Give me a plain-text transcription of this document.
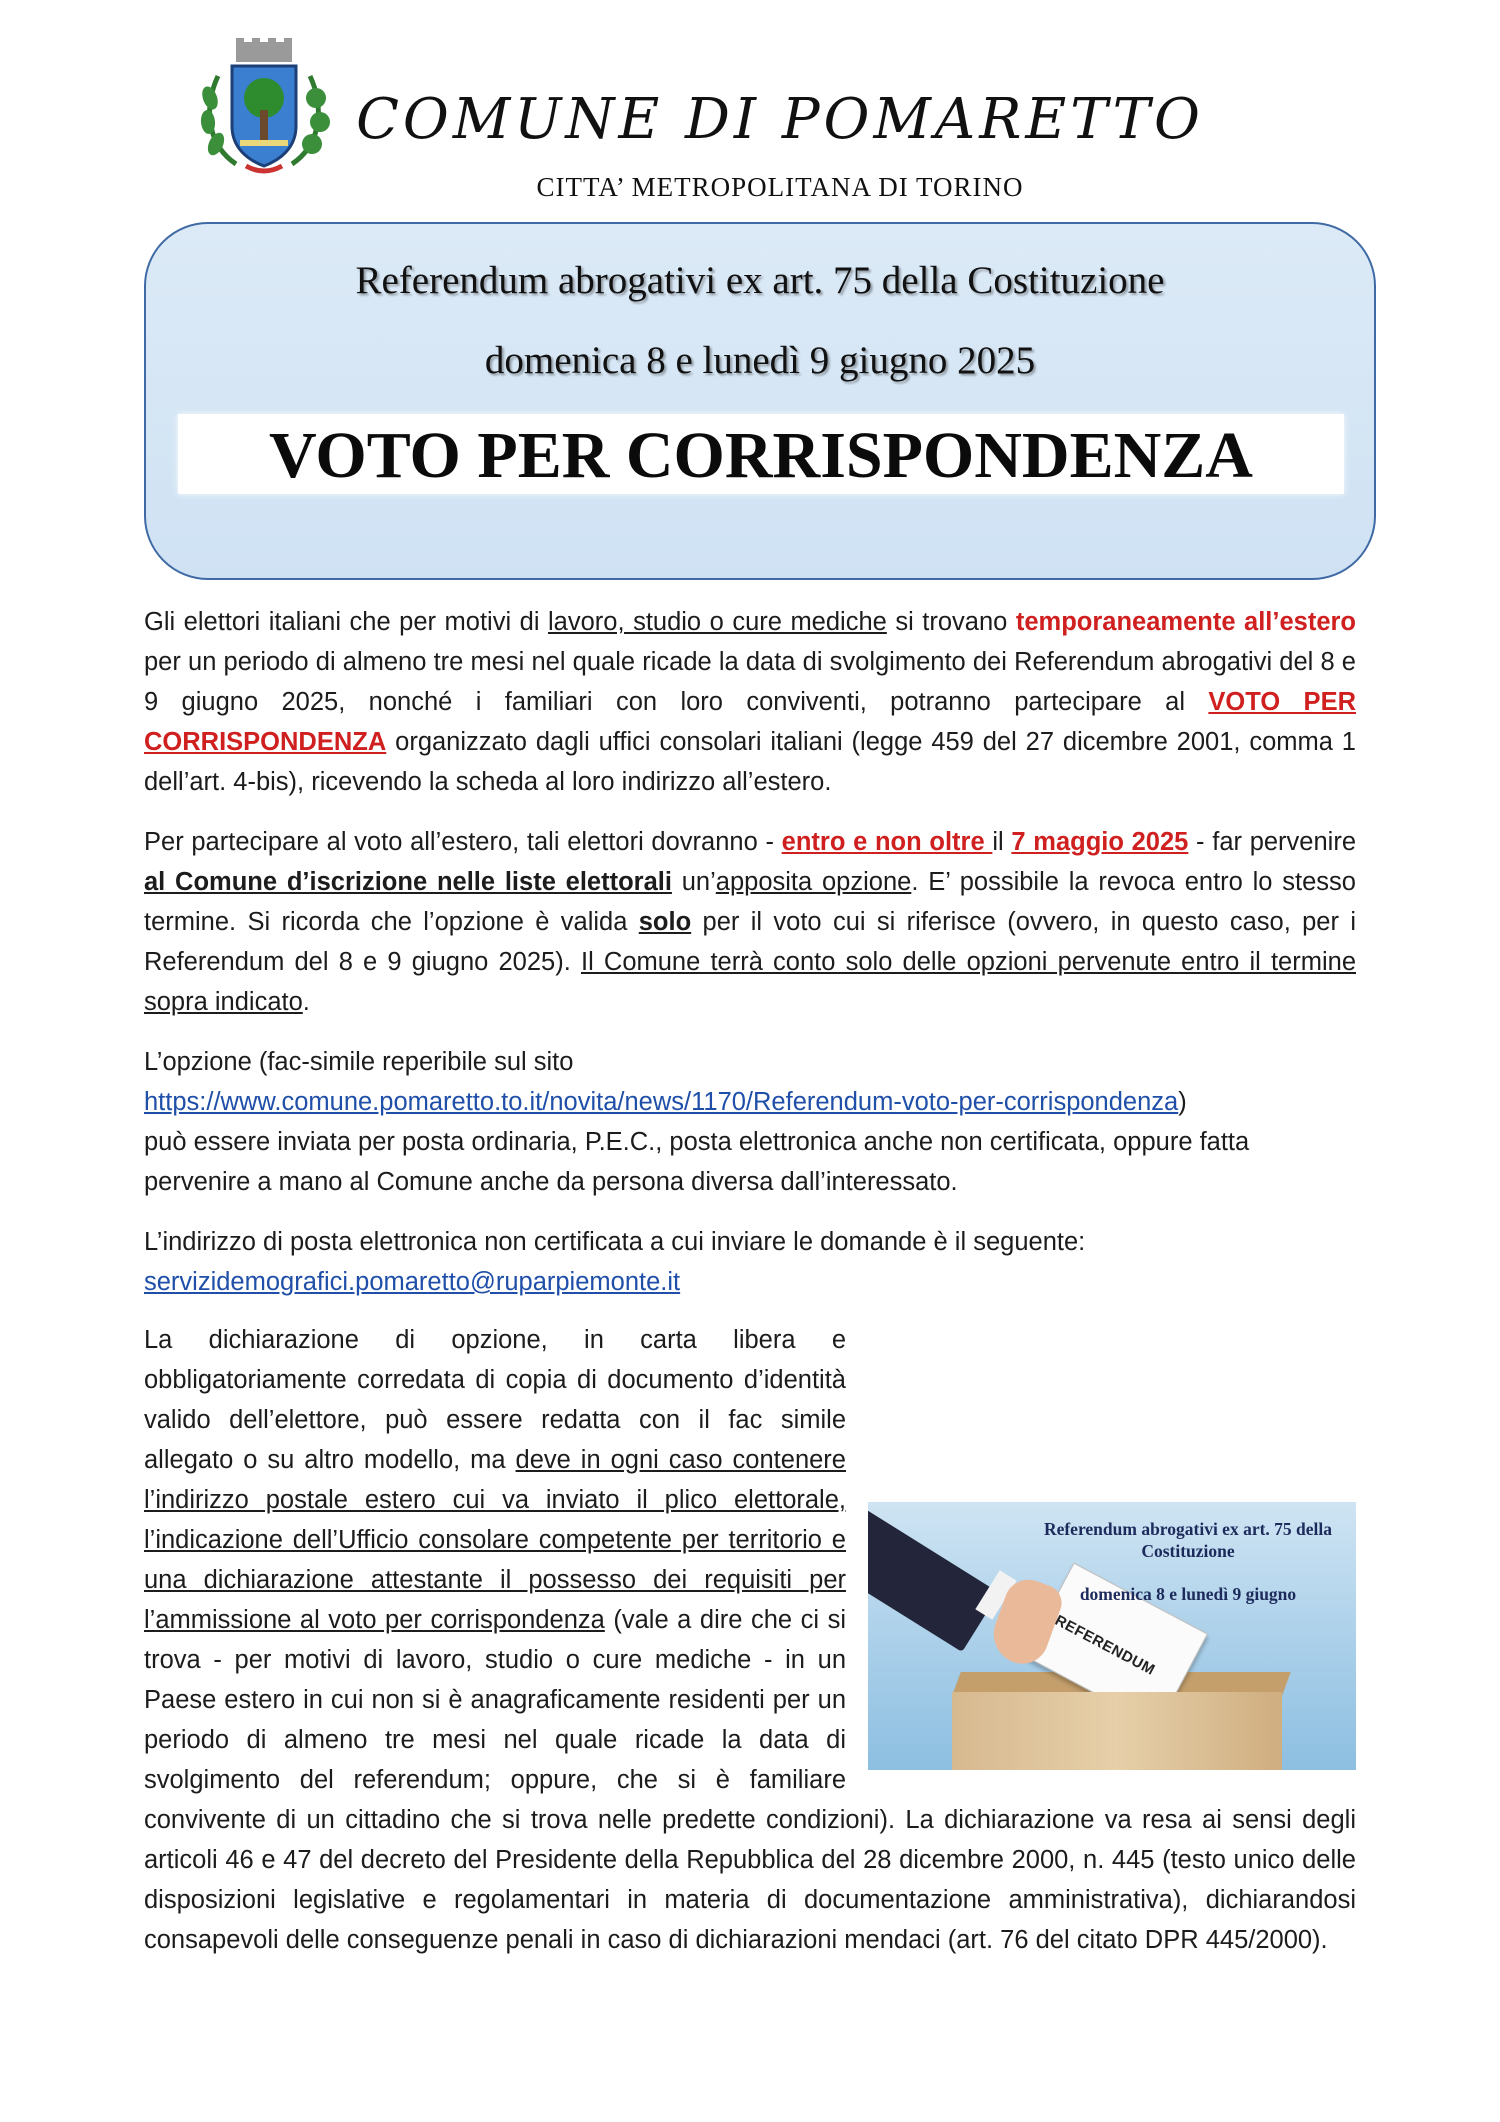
COMUNE DI POMARETTO
CITTA’ METROPOLITANA DI TORINO
Referendum abrogativi ex art. 75 della Costituzione
domenica 8 e lunedì 9 giugno 2025
VOTO PER CORRISPONDENZA
Gli elettori italiani che per motivi di lavoro, studio o cure mediche si trovano temporaneamente all’estero per un periodo di almeno tre mesi nel quale ricade la data di svolgimento dei Referendum abrogativi del 8 e 9 giugno 2025, nonché i familiari con loro conviventi, potranno partecipare al VOTO PER CORRISPONDENZA organizzato dagli uffici consolari italiani (legge 459 del 27 dicembre 2001, comma 1 dell’art. 4-bis), ricevendo la scheda al loro indirizzo all’estero.
Per partecipare al voto all’estero, tali elettori dovranno - entro e non oltre il 7 maggio 2025 - far pervenire al Comune d’iscrizione nelle liste elettorali un’apposita opzione. E’ possibile la revoca entro lo stesso termine. Si ricorda che l’opzione è valida solo per il voto cui si riferisce (ovvero, in questo caso, per i Referendum del 8 e 9 giugno 2025). Il Comune terrà conto solo delle opzioni pervenute entro il termine sopra indicato.
L’opzione (fac-simile reperibile sul sito
https://www.comune.pomaretto.to.it/novita/news/1170/Referendum-voto-per-corrispondenza)
può essere inviata per posta ordinaria, P.E.C., posta elettronica anche non certificata, oppure fatta pervenire a mano al Comune anche da persona diversa dall’interessato.
L’indirizzo di posta elettronica non certificata a cui inviare le domande è il seguente:
servizidemografici.pomaretto@ruparpiemonte.it
REFERENDUM
Referendum abrogativi ex art. 75 della Costituzione
domenica 8 e lunedì 9 giugno
La dichiarazione di opzione, in carta libera e obbligatoriamente corredata di copia di documento d’identità valido dell’elettore, può essere redatta con il fac simile allegato o su altro modello, ma deve in ogni caso contenere l’indirizzo postale estero cui va inviato il plico elettorale, l’indicazione dell’Ufficio consolare competente per territorio e una dichiarazione attestante il possesso dei requisiti per l’ammissione al voto per corrispondenza (vale a dire che ci si trova - per motivi di lavoro, studio o cure mediche - in un Paese estero in cui non si è anagraficamente residenti per un periodo di almeno tre mesi nel quale ricade la data di svolgimento del referendum; oppure, che si è familiare convivente di un cittadino che si trova nelle predette condizioni). La dichiarazione va resa ai sensi degli articoli 46 e 47 del decreto del Presidente della Repubblica del 28 dicembre 2000, n. 445 (testo unico delle disposizioni legislative e regolamentari in materia di documentazione amministrativa), dichiarandosi consapevoli delle conseguenze penali in caso di dichiarazioni mendaci (art. 76 del citato DPR 445/2000).
